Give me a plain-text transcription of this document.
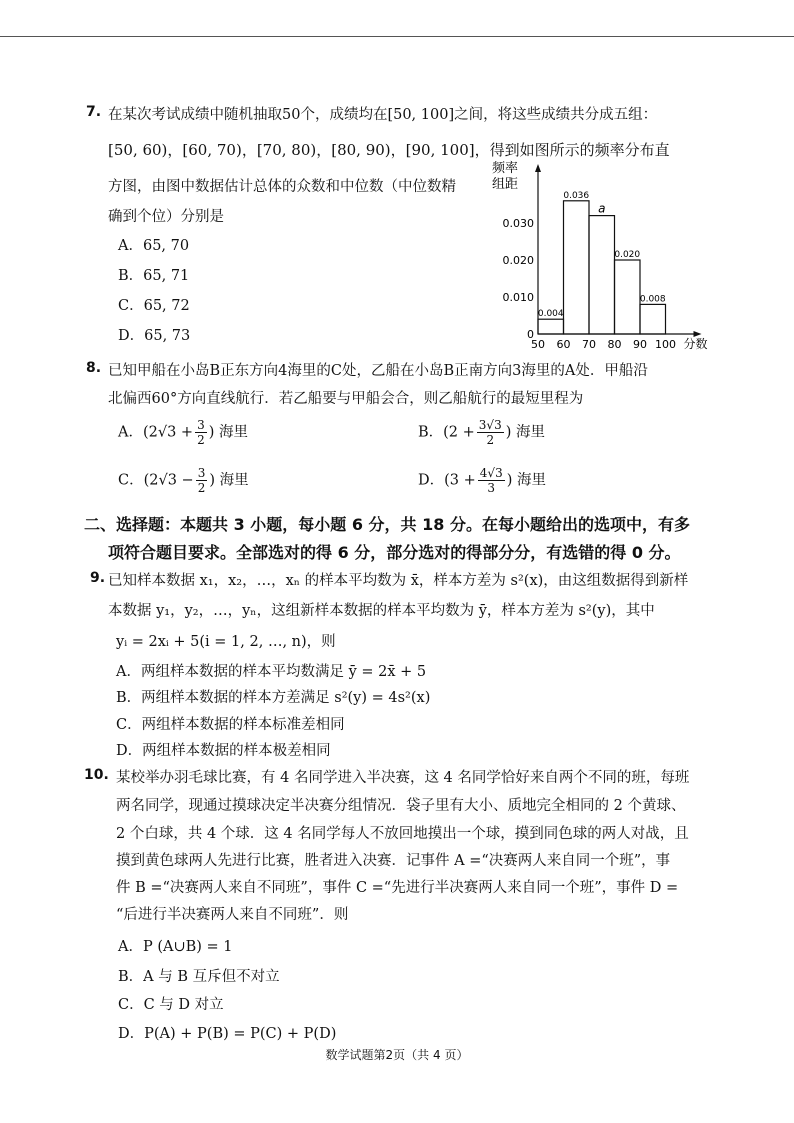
7. 在某次考试成绩中随机抽取50个，成绩均在[50, 100]之间，将这些成绩共分成五组：
[50, 60)，[60, 70)，[70, 80)，[80, 90)，[90, 100]，得到如图所示的频率分布直
方图，由图中数据估计总体的众数和中位数（中位数精
确到个位）分别是
A．65, 70
B．65, 71
C．65, 72
D．65, 73
频率
组距
0
0.010
0.020
0.030
0.004
0.036
a
0.020
0.008
50 60 70 80 90 100 分数
8. 已知甲船在小岛B正东方向4海里的C处，乙船在小岛B正南方向3海里的A处．甲船沿
北偏西60°方向直线航行．若乙船要与甲船会合，则乙船航行的最短里程为
A．($2√3 + \frac{3}{2}$ ) 海里	B．($2 + \frac{3√3}{2}$ ) 海里
C．($2√3 - \frac{3}{2}$ ) 海里	D．($3 + \frac{4√3}{3}$ ) 海里
二、选择题：本题共 3 小题，每小题 6 分，共 18 分。在每小题给出的选项中，有多
项符合题目要求。全部选对的得 6 分，部分选对的得部分分，有选错的得 0 分。
9. 已知样本数据 x₁，x₂，…，xₙ 的样本平均数为 x̄，样本方差为 s²(x)，由这组数据得到新样
本数据 y₁，y₂，…，yₙ，这组新样本数据的样本平均数为 ȳ，样本方差为 s²(y)，其中
yᵢ = 2xᵢ + 5(i = 1, 2, …, n)，则
A．两组样本数据的样本平均数满足 ȳ = 2x̄ + 5
B．两组样本数据的样本方差满足 s²(y) = 4s²(x)
C．两组样本数据的样本标准差相同
D．两组样本数据的样本极差相同
10. 某校举办羽毛球比赛，有 4 名同学进入半决赛，这 4 名同学恰好来自两个不同的班，每班
两名同学，现通过摸球决定半决赛分组情况．袋子里有大小、质地完全相同的 2 个黄球、
2 个白球，共 4 个球．这 4 名同学每人不放回地摸出一个球，摸到同色球的两人对战，且
摸到黄色球两人先进行比赛，胜者进入决赛．记事件 A =“决赛两人来自同一个班”，事
件 B =“决赛两人来自不同班”，事件 C =“先进行半决赛两人来自同一个班”，事件 D =
“后进行半决赛两人来自不同班”．则
A．P (A∪B) = 1
B．A 与 B 互斥但不对立
C．C 与 D 对立
D．P(A) + P(B) = P(C) + P(D)
数学试题第2页（共 4 页）
